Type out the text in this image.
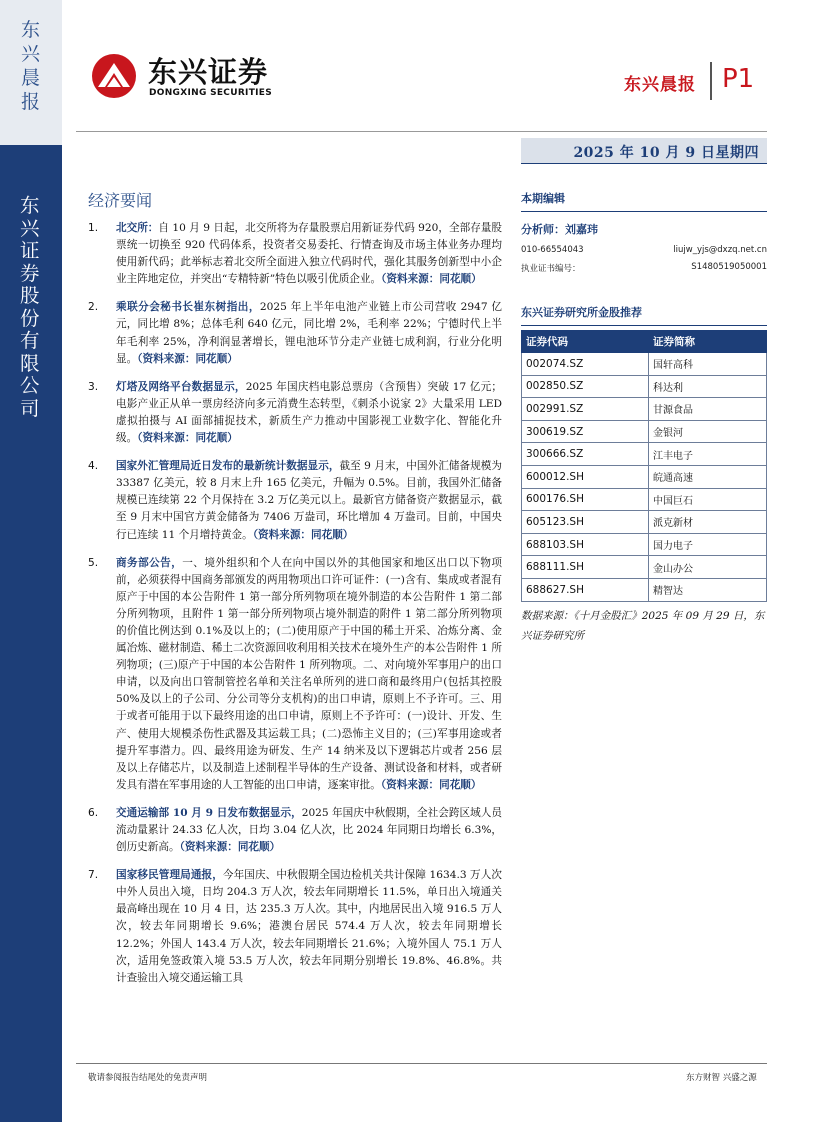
东兴晨报
东兴证券股份有限公司
东兴证券
DONGXING SECURITIES	东兴晨报 P1
2025 年 10 月 9 日星期四
经济要闻
1. 北交所：自 10 月 9 日起，北交所将为存量股票启用新证券代码 920，全部存量股票统一切换至 920 代码体系，投资者交易委托、行情查询及市场主体业务办理均使用新代码；此举标志着北交所全面进入独立代码时代，强化其服务创新型中小企业主阵地定位，并突出“专精特新”特色以吸引优质企业。（资料来源：同花顺）
2. 乘联分会秘书长崔东树指出，2025 年上半年电池产业链上市公司营收 2947 亿元，同比增 8%；总体毛利 640 亿元，同比增 2%，毛利率 22%；宁德时代上半年毛利率 25%，净利润显著增长，锂电池环节分走产业链七成利润，行业分化明显。（资料来源：同花顺）
3. 灯塔及网络平台数据显示，2025 年国庆档电影总票房（含预售）突破 17 亿元；电影产业正从单一票房经济向多元消费生态转型，《刺杀小说家 2》大量采用 LED 虚拟拍摄与 AI 面部捕捉技术，新质生产力推动中国影视工业数字化、智能化升级。（资料来源：同花顺）
4. 国家外汇管理局近日发布的最新统计数据显示，截至 9 月末，中国外汇储备规模为 33387 亿美元，较 8 月末上升 165 亿美元，升幅为 0.5%。目前，我国外汇储备规模已连续第 22 个月保持在 3.2 万亿美元以上。最新官方储备资产数据显示，截至 9 月末中国官方黄金储备为 7406 万盎司，环比增加 4 万盎司。目前，中国央行已连续 11 个月增持黄金。（资料来源：同花顺）
5. 商务部公告，一、境外组织和个人在向中国以外的其他国家和地区出口以下物项前，必须获得中国商务部颁发的两用物项出口许可证件：(一)含有、集成或者混有原产于中国的本公告附件 1 第一部分所列物项在境外制造的本公告附件 1 第二部分所列物项，且附件 1 第一部分所列物项占境外制造的附件 1 第二部分所列物项的价值比例达到 0.1%及以上的；(二)使用原产于中国的稀土开采、冶炼分离、金属冶炼、磁材制造、稀土二次资源回收利用相关技术在境外生产的本公告附件 1 所列物项；(三)原产于中国的本公告附件 1 所列物项。二、对向境外军事用户的出口申请，以及向出口管制管控名单和关注名单所列的进口商和最终用户(包括其控股 50%及以上的子公司、分公司等分支机构)的出口申请，原则上不予许可。三、用于或者可能用于以下最终用途的出口申请，原则上不予许可：(一)设计、开发、生产、使用大规模杀伤性武器及其运载工具；(二)恐怖主义目的；(三)军事用途或者提升军事潜力。四、最终用途为研发、生产 14 纳米及以下逻辑芯片或者 256 层及以上存储芯片，以及制造上述制程半导体的生产设备、测试设备和材料，或者研发具有潜在军事用途的人工智能的出口申请，逐案审批。（资料来源：同花顺）
6. 交通运输部 10 月 9 日发布数据显示，2025 年国庆中秋假期，全社会跨区域人员流动量累计 24.33 亿人次，日均 3.04 亿人次，比 2024 年同期日均增长 6.3%，创历史新高。（资料来源：同花顺）
7. 国家移民管理局通报，今年国庆、中秋假期全国边检机关共计保障 1634.3 万人次中外人员出入境，日均 204.3 万人次，较去年同期增长 11.5%，单日出入境通关最高峰出现在 10 月 4 日，达 235.3 万人次。其中，内地居民出入境 916.5 万人次，较去年同期增长 9.6%；港澳台居民 574.4 万人次，较去年同期增长 12.2%；外国人 143.4 万人次，较去年同期增长 21.6%；入境外国人 75.1 万人次，适用免签政策入境 53.5 万人次，较去年同期分别增长 19.8%、46.8%。共计查验出入境交通运输工具
本期编辑
分析师：刘嘉玮
010-66554043	liujw_yjs@dxzq.net.cn
执业证书编号：	S1480519050001
东兴证券研究所金股推荐
证券代码	证券简称
002074.SZ	国轩高科
002850.SZ	科达利
002991.SZ	甘源食品
300619.SZ	金银河
300666.SZ	江丰电子
600012.SH	皖通高速
600176.SH	中国巨石
605123.SH	派克新材
688103.SH	国力电子
688111.SH	金山办公
688627.SH	精智达
数据来源：《十月金股汇》2025 年 09 月 29 日，东兴证券研究所
敬请参阅报告结尾处的免责声明	东方财智 兴盛之源
